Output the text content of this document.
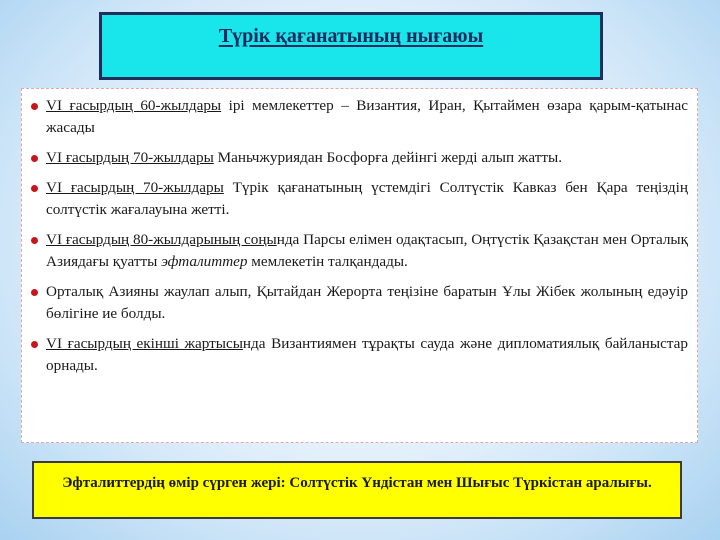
Түрік қағанатының нығаюы
VI ғасырдың 60-жылдары ірі мемлекеттер – Византия, Иран, Қытаймен өзара қарым-қатынас жасады
VI ғасырдың 70-жылдары Маньчжуриядан Босфорға дейінгі жерді алып жатты.
VI ғасырдың 70-жылдары Түрік қағанатының үстемдігі Солтүстік Кавказ бен Қара теңіздің солтүстік жағалауына жетті.
VI ғасырдың 80-жылдарының соңында Парсы елімен одақтасып, Оңтүстік Қазақстан мен Орталық Азиядағы қуатты эфталиттер мемлекетін талқандады.
Орталық Азияны жаулап алып, Қытайдан Жерорта теңізіне баратын Ұлы Жібек жолының едәуір бөлігіне ие болды.
VI ғасырдың екінші жартысында Византиямен тұрақты сауда және дипломатиялық байланыстар орнады.
Эфталиттердің өмір сүрген жері: Солтүстік Үндістан мен Шығыс Түркістан аралығы.
